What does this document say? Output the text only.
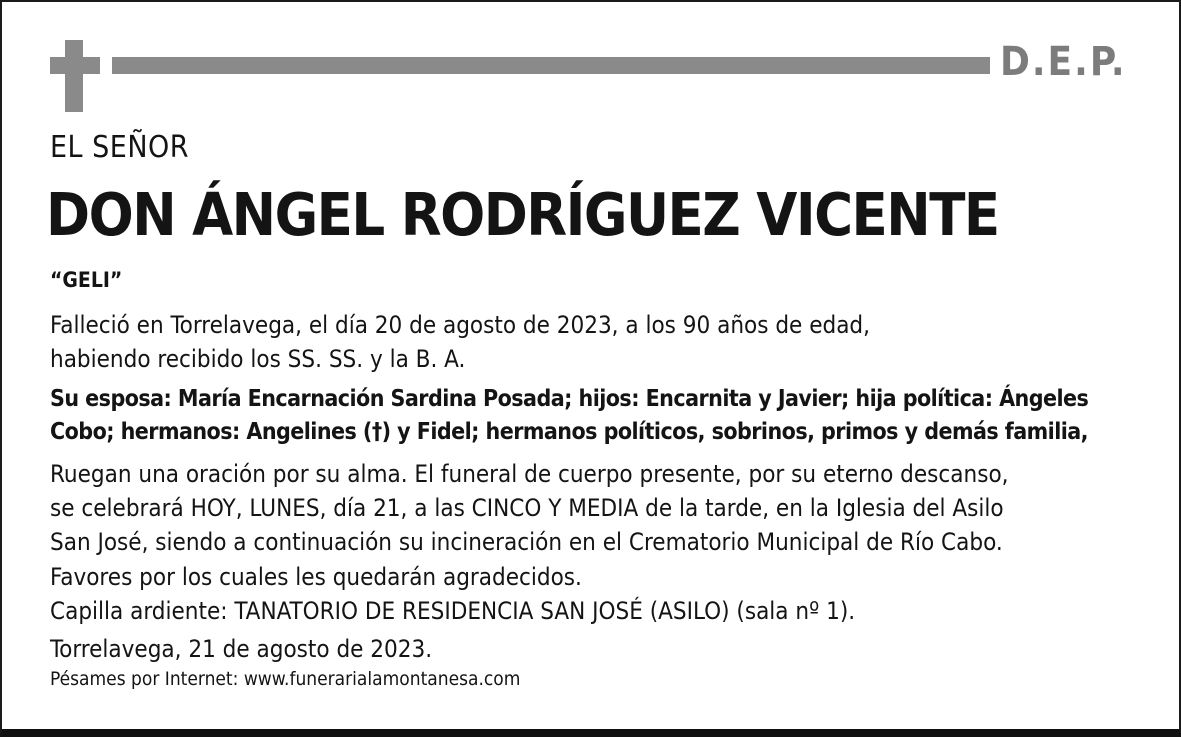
D.E.P.
EL SEÑOR
DON ÁNGEL RODRÍGUEZ VICENTE
“GELI”
Falleció en Torrelavega, el día 20 de agosto de 2023, a los 90 años de edad,
habiendo recibido los SS. SS. y la B. A.
Su esposa: María Encarnación Sardina Posada; hijos: Encarnita y Javier; hija política: Ángeles
Cobo; hermanos: Angelines (†) y Fidel; hermanos políticos, sobrinos, primos y demás familia,
Ruegan una oración por su alma. El funeral de cuerpo presente, por su eterno descanso,
se celebrará HOY, LUNES, día 21, a las CINCO Y MEDIA de la tarde, en la Iglesia del Asilo
San José, siendo a continuación su incineración en el Crematorio Municipal de Río Cabo.
Favores por los cuales les quedarán agradecidos.
Capilla ardiente: TANATORIO DE RESIDENCIA SAN JOSÉ (ASILO) (sala nº 1).
Torrelavega, 21 de agosto de 2023.
Pésames por Internet: www.funerarialamontanesa.com
